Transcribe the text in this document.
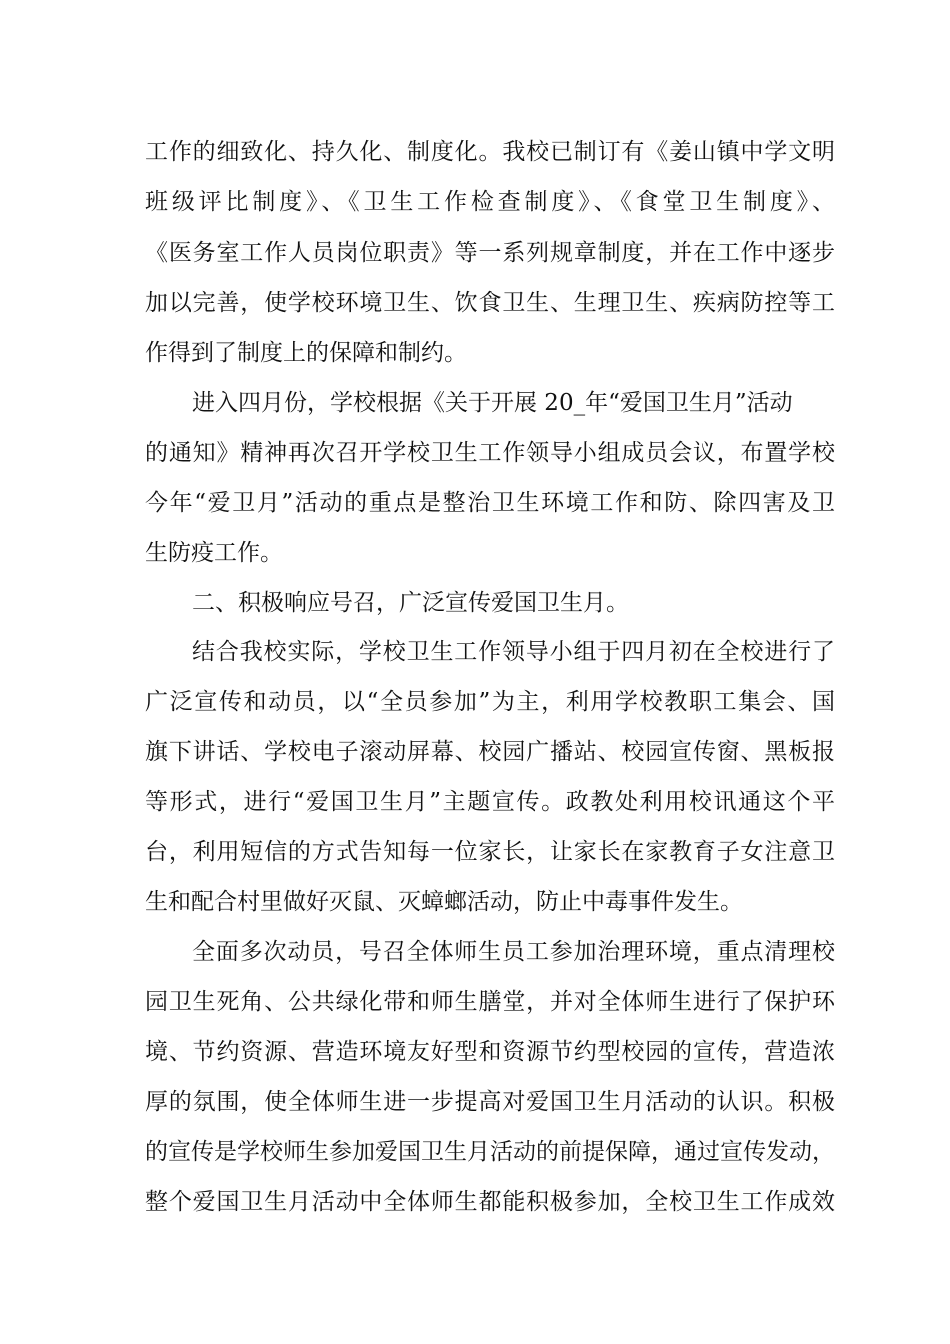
工作的细致化、持久化、制度化。我校已制订有《姜山镇中学文明
班级评比制度》、《卫生工作检查制度》、《食堂卫生制度》、
《医务室工作人员岗位职责》等一系列规章制度，并在工作中逐步
加以完善，使学校环境卫生、饮食卫生、生理卫生、疾病防控等工
作得到了制度上的保障和制约。
进入四月份，学校根据《关于开展 20_年“爱国卫生月”活动
的通知》精神再次召开学校卫生工作领导小组成员会议，布置学校
今年“爱卫月”活动的重点是整治卫生环境工作和防、除四害及卫
生防疫工作。
二、积极响应号召，广泛宣传爱国卫生月。
结合我校实际，学校卫生工作领导小组于四月初在全校进行了
广泛宣传和动员，以“全员参加”为主，利用学校教职工集会、国
旗下讲话、学校电子滚动屏幕、校园广播站、校园宣传窗、黑板报
等形式，进行“爱国卫生月”主题宣传。政教处利用校讯通这个平
台，利用短信的方式告知每一位家长，让家长在家教育子女注意卫
生和配合村里做好灭鼠、灭蟑螂活动，防止中毒事件发生。
全面多次动员，号召全体师生员工参加治理环境，重点清理校
园卫生死角、公共绿化带和师生膳堂，并对全体师生进行了保护环
境、节约资源、营造环境友好型和资源节约型校园的宣传，营造浓
厚的氛围，使全体师生进一步提高对爱国卫生月活动的认识。积极
的宣传是学校师生参加爱国卫生月活动的前提保障，通过宣传发动，
整个爱国卫生月活动中全体师生都能积极参加，全校卫生工作成效
